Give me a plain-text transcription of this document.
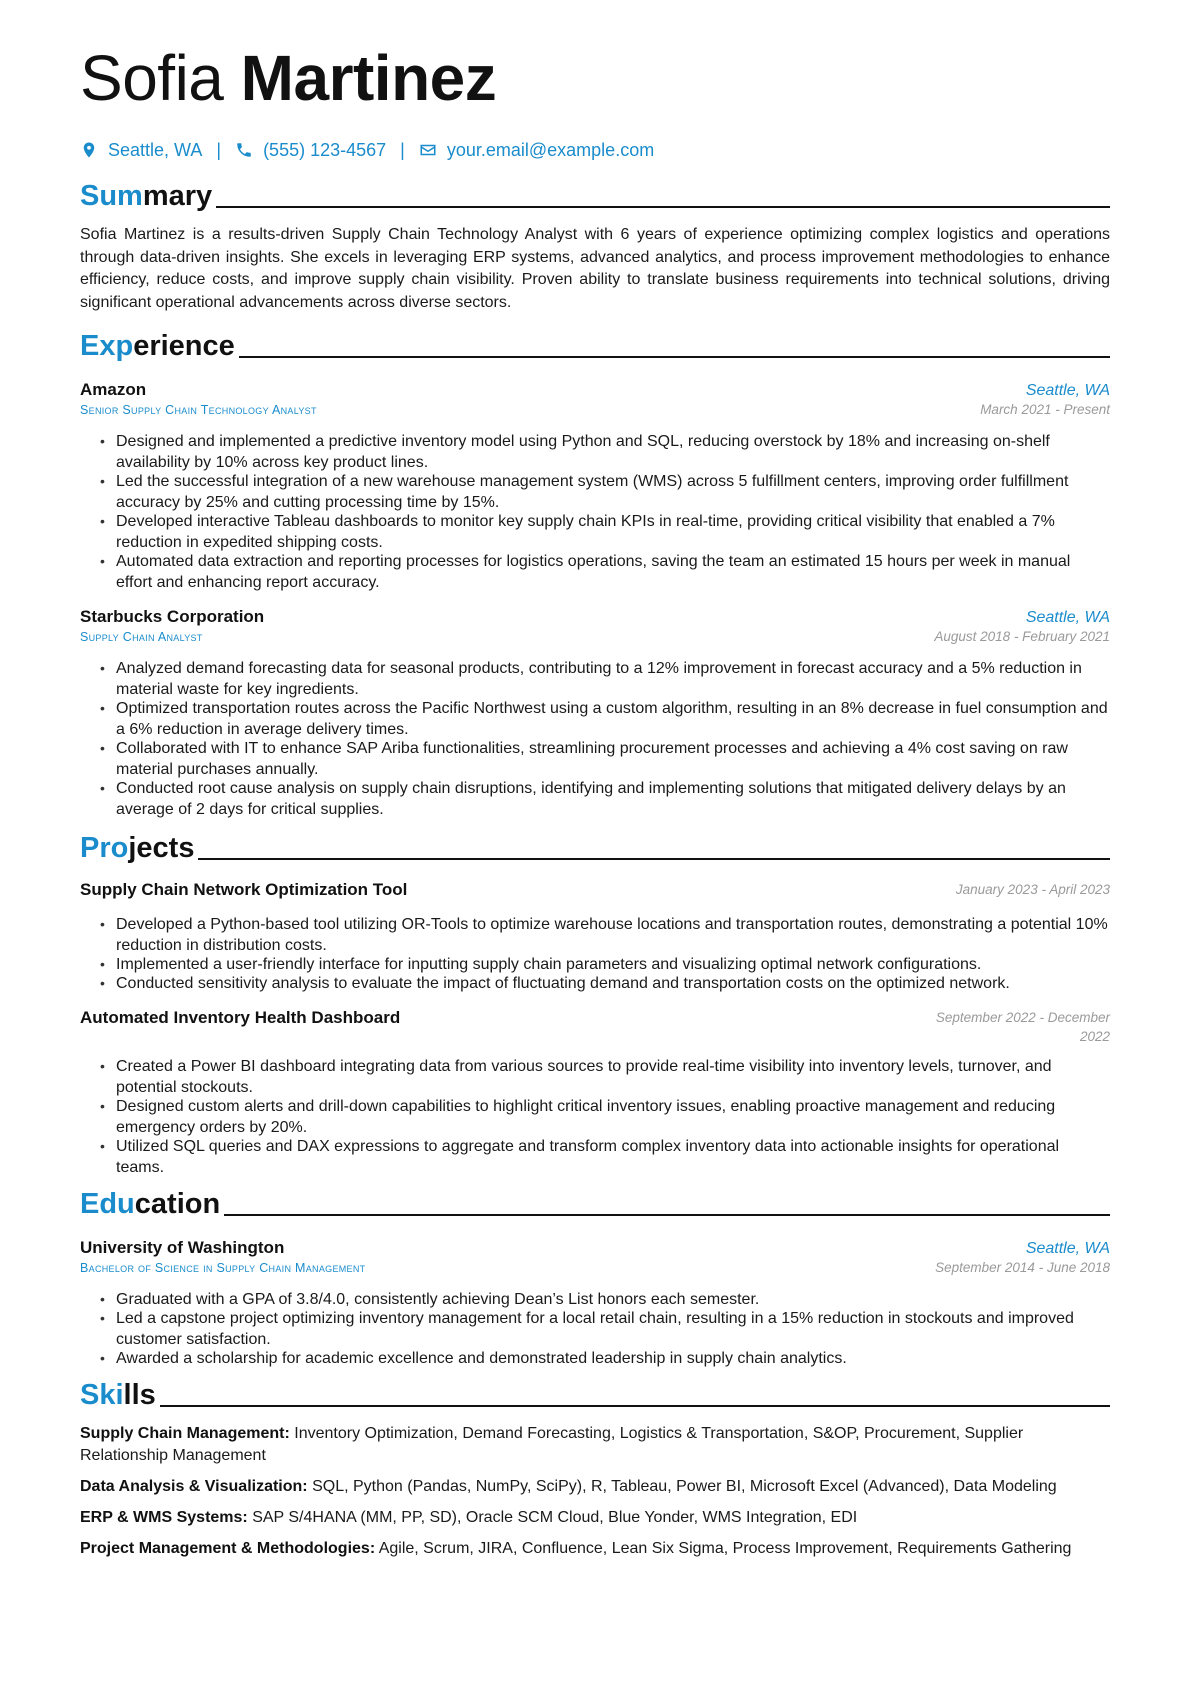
Sofia Martinez
Seattle, WA | (555) 123-4567 | your.email@example.com
Summary

Sofia Martinez is a results-driven Supply Chain Technology Analyst with 6 years of experience optimizing complex logistics and operations through data-driven insights. She excels in leveraging ERP systems, advanced analytics, and process improvement methodologies to enhance efficiency, reduce costs, and improve supply chain visibility. Proven ability to translate business requirements into technical solutions, driving significant operational advancements across diverse sectors.

Experience
Amazon	Seattle, WA
Senior Supply Chain Technology Analyst	March 2021 - Present
• Designed and implemented a predictive inventory model using Python and SQL, reducing overstock by 18% and increasing on-shelf availability by 10% across key product lines.
• Led the successful integration of a new warehouse management system (WMS) across 5 fulfillment centers, improving order fulfillment accuracy by 25% and cutting processing time by 15%.
• Developed interactive Tableau dashboards to monitor key supply chain KPIs in real-time, providing critical visibility that enabled a 7% reduction in expedited shipping costs.
• Automated data extraction and reporting processes for logistics operations, saving the team an estimated 15 hours per week in manual effort and enhancing report accuracy.
Starbucks Corporation	Seattle, WA
Supply Chain Analyst	August 2018 - February 2021
• Analyzed demand forecasting data for seasonal products, contributing to a 12% improvement in forecast accuracy and a 5% reduction in material waste for key ingredients.
• Optimized transportation routes across the Pacific Northwest using a custom algorithm, resulting in an 8% decrease in fuel consumption and a 6% reduction in average delivery times.
• Collaborated with IT to enhance SAP Ariba functionalities, streamlining procurement processes and achieving a 4% cost saving on raw material purchases annually.
• Conducted root cause analysis on supply chain disruptions, identifying and implementing solutions that mitigated delivery delays by an average of 2 days for critical supplies.
Projects
Supply Chain Network Optimization Tool	January 2023 - April 2023
• Developed a Python-based tool utilizing OR-Tools to optimize warehouse locations and transportation routes, demonstrating a potential 10% reduction in distribution costs.
• Implemented a user-friendly interface for inputting supply chain parameters and visualizing optimal network configurations.
• Conducted sensitivity analysis to evaluate the impact of fluctuating demand and transportation costs on the optimized network.
Automated Inventory Health Dashboard	September 2022 - December 2022
• Created a Power BI dashboard integrating data from various sources to provide real-time visibility into inventory levels, turnover, and potential stockouts.
• Designed custom alerts and drill-down capabilities to highlight critical inventory issues, enabling proactive management and reducing emergency orders by 20%.
• Utilized SQL queries and DAX expressions to aggregate and transform complex inventory data into actionable insights for operational teams.
Education
University of Washington	Seattle, WA
Bachelor of Science in Supply Chain Management	September 2014 - June 2018
• Graduated with a GPA of 3.8/4.0, consistently achieving Dean’s List honors each semester.
• Led a capstone project optimizing inventory management for a local retail chain, resulting in a 15% reduction in stockouts and improved customer satisfaction.
• Awarded a scholarship for academic excellence and demonstrated leadership in supply chain analytics.
Skills
Supply Chain Management: Inventory Optimization, Demand Forecasting, Logistics & Transportation, S&OP, Procurement, Supplier Relationship Management
Data Analysis & Visualization: SQL, Python (Pandas, NumPy, SciPy), R, Tableau, Power BI, Microsoft Excel (Advanced), Data Modeling
ERP & WMS Systems: SAP S/4HANA (MM, PP, SD), Oracle SCM Cloud, Blue Yonder, WMS Integration, EDI
Project Management & Methodologies: Agile, Scrum, JIRA, Confluence, Lean Six Sigma, Process Improvement, Requirements Gathering
